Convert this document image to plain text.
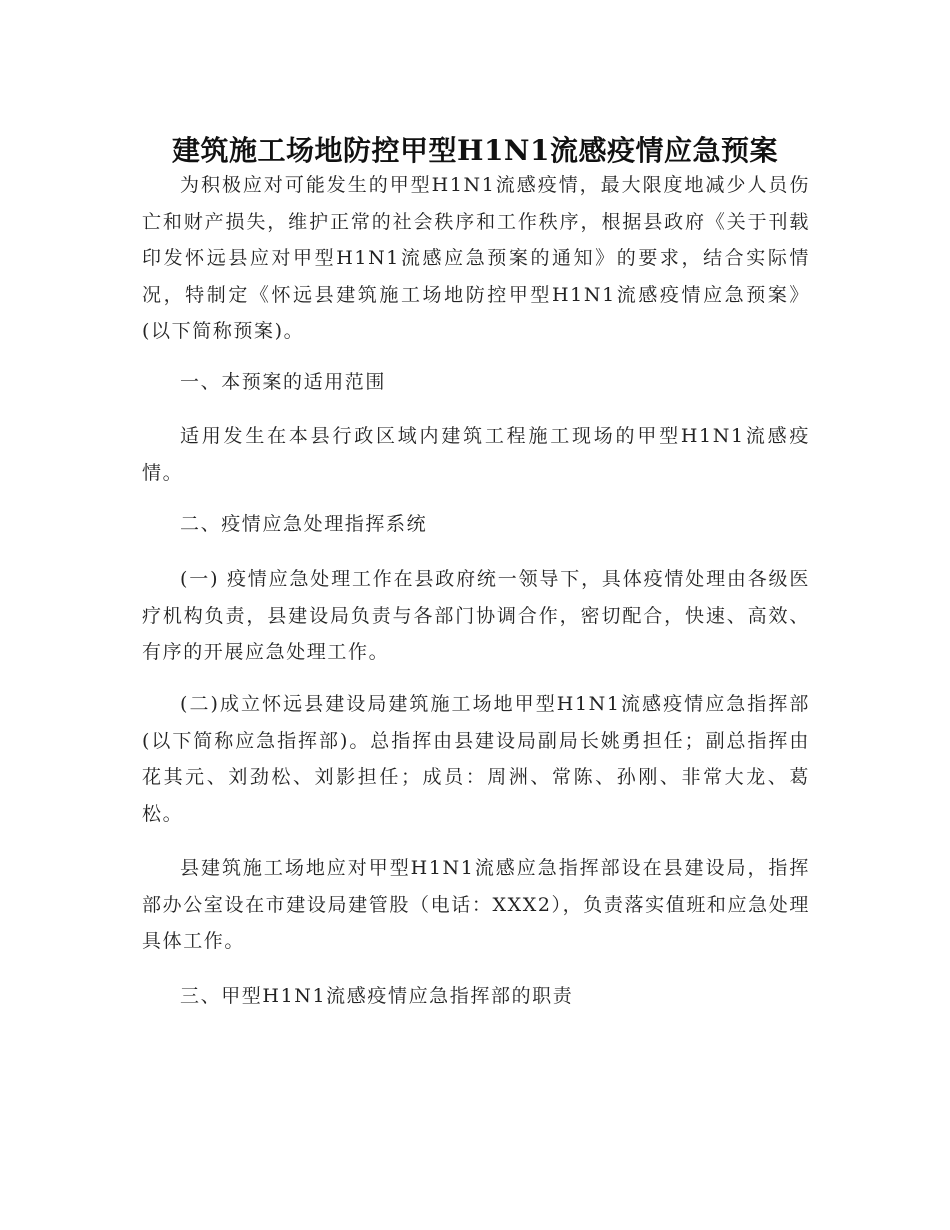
建筑施工场地防控甲型H1N1流感疫情应急预案

为积极应对可能发生的甲型H1N1流感疫情，最大限度地减少人员伤亡和财产损失，维护正常的社会秩序和工作秩序，根据县政府《关于刊载印发怀远县应对甲型H1N1流感应急预案的通知》的要求，结合实际情况，特制定《怀远县建筑施工场地防控甲型H1N1流感疫情应急预案》(以下简称预案)。

一、本预案的适用范围

适用发生在本县行政区域内建筑工程施工现场的甲型H1N1流感疫情。

二、疫情应急处理指挥系统

(一) 疫情应急处理工作在县政府统一领导下，具体疫情处理由各级医疗机构负责，县建设局负责与各部门协调合作，密切配合，快速、高效、有序的开展应急处理工作。

(二)成立怀远县建设局建筑施工场地甲型H1N1流感疫情应急指挥部(以下简称应急指挥部)。总指挥由县建设局副局长姚勇担任；副总指挥由花其元、刘劲松、刘影担任；成员：周洲、常陈、孙刚、非常大龙、葛松。

县建筑施工场地应对甲型H1N1流感应急指挥部设在县建设局，指挥部办公室设在市建设局建管股（电话：XXX2），负责落实值班和应急处理具体工作。

三、甲型H1N1流感疫情应急指挥部的职责
